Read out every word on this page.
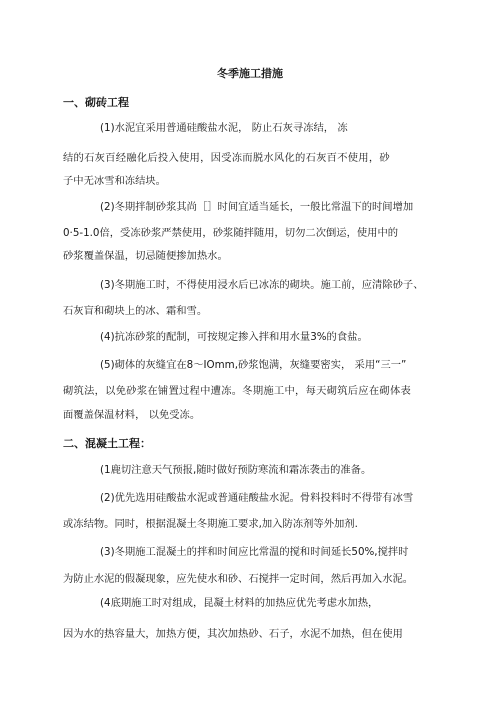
冬季施工措施
一、砌砖工程
(1)水泥宜采用普通硅酸盐水泥， 防止石灰寻冻结， 冻
结的石灰百经融化后投入使用，因受冻而脱水风化的石灰百不使用，砂
子中无冰雪和冻结块。
(2)冬期拌制砂浆其尚［］时间宜适当延长，一般比常温下的时间增加
0·5-1.0倍，受冻砂浆严禁使用，砂浆随拌随用，切勿二次倒运，使用中的
砂浆覆盖保温，切忌随便掺加热水。
(3)冬期施工时，不得使用浸水后已冰冻的砌块。施工前，应清除砂子、
石灰盲和砌块上的冰、霜和雪。
(4)抗冻砂浆的配制，可按规定掺入拌和用水量3%的食盐。
(5)砌体的灰缝宜在8～IOmm,砂浆饱满，灰缝要密实， 采用“三一”
砌筑法，以免砂浆在铺置过程中遭冻。冬期施工中，每天砌筑后应在砌体表
面覆盖保温材料， 以免受冻。
二、混凝土工程：
(1鹿切注意天气预报,随时做好预防寒流和霜冻袭击的准备。
(2)优先选用硅酸盐水泥或普通硅酸盐水泥。骨料投料时不得带有冰雪
或冻结物。同时，根据混凝土冬期施工要求,加入防冻剂等外加剂.
(3)冬期施工混凝土的拌和时间应比常温的搅和时间延长50%,搅拌时
为防止水泥的假凝现象，应先使水和砂、石搅拌一定时间，然后再加入水泥。
(4底期施工时对组成，昆凝土材料的加热应优先考虑水加热，
因为水的热容量大，加热方便，其次加热砂、石子，水泥不加热，但在使用
